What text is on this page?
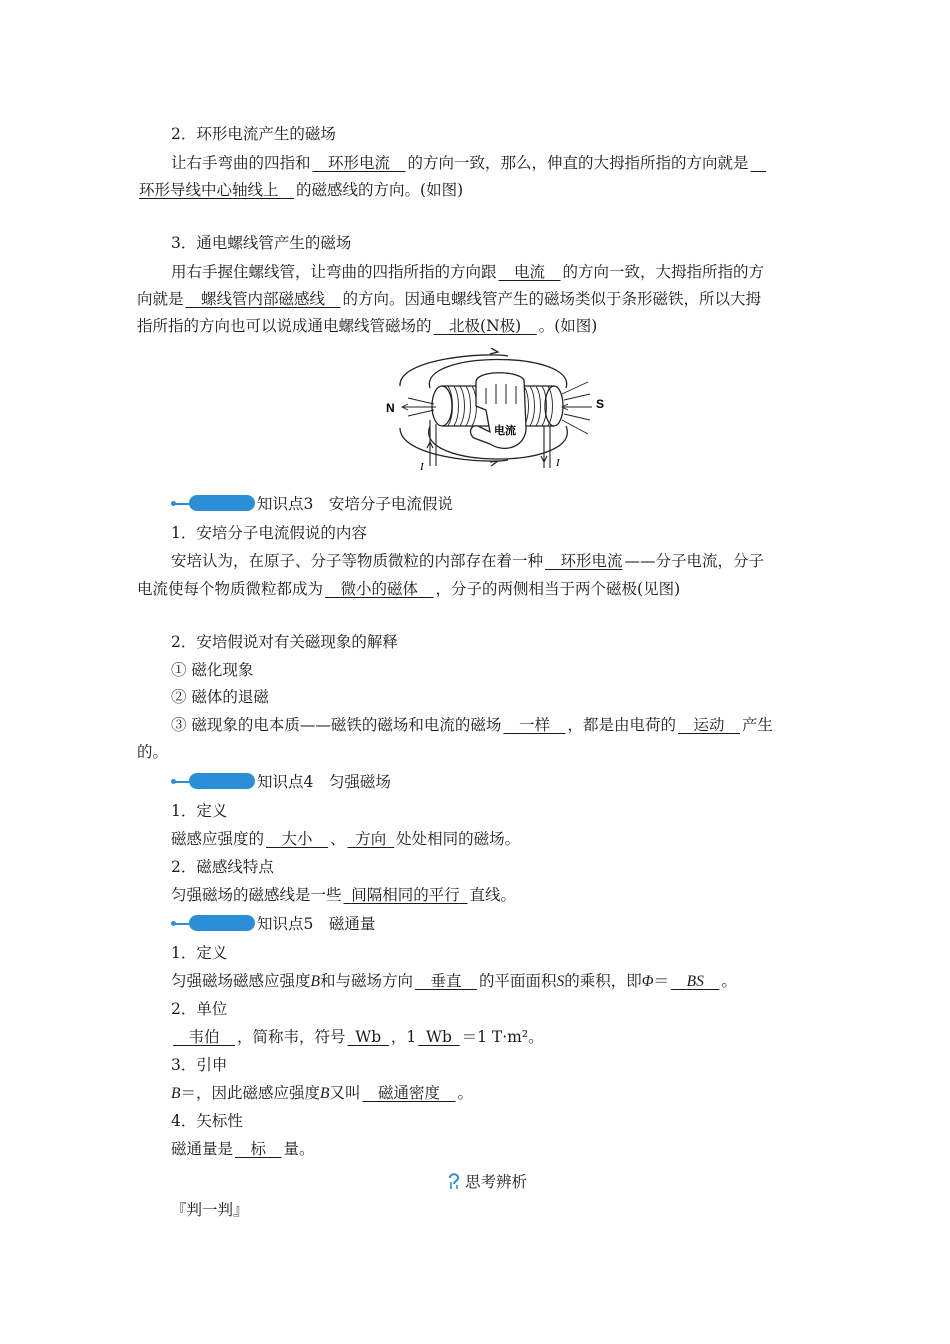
2．环形电流产生的磁场
让右手弯曲的四指和  环形电流  的方向一致，那么，伸直的大拇指所指的方向就是 
环形导线中心轴线上  的磁感线的方向。(如图)
3．通电螺线管产生的磁场
用右手握住螺线管，让弯曲的四指所指的方向跟  电流  的方向一致，大拇指所指的方
向就是  螺线管内部磁感线  的方向。因通电螺线管产生的磁场类似于条形磁铁，所以大拇
指所指的方向也可以说成通电螺线管磁场的  北极(N极)  。(如图)
N	S
电流
I	I
知识点3　安培分子电流假说
1．安培分子电流假说的内容
安培认为，在原子、分子等物质微粒的内部存在着一种  环形电流 ——分子电流，分子
电流使每个物质微粒都成为  微小的磁体  ，分子的两侧相当于两个磁极(见图)
2．安培假说对有关磁现象的解释
① 磁化现象
② 磁体的退磁
③ 磁现象的电本质——磁铁的磁场和电流的磁场  一样  ，都是由电荷的  运动  产生
的。
知识点4　匀强磁场
1．定义
磁感应强度的  大小  、  方向  处处相同的磁场。
2．磁感线特点
匀强磁场的磁感线是一些  间隔相同的平行  直线。
知识点5　磁通量
1．定义
匀强磁场磁感应强度B和与磁场方向  垂直  的平面面积S的乘积，即Φ＝  BS  。
2．单位
 韦伯  ，简称韦，符号  Wb  ，1  Wb  ＝1 T·m²。
3．引申
B＝，因此磁感应强度B又叫  磁通密度  。
4．矢标性
磁通量是  标  量。
思考辨析
『判一判』
